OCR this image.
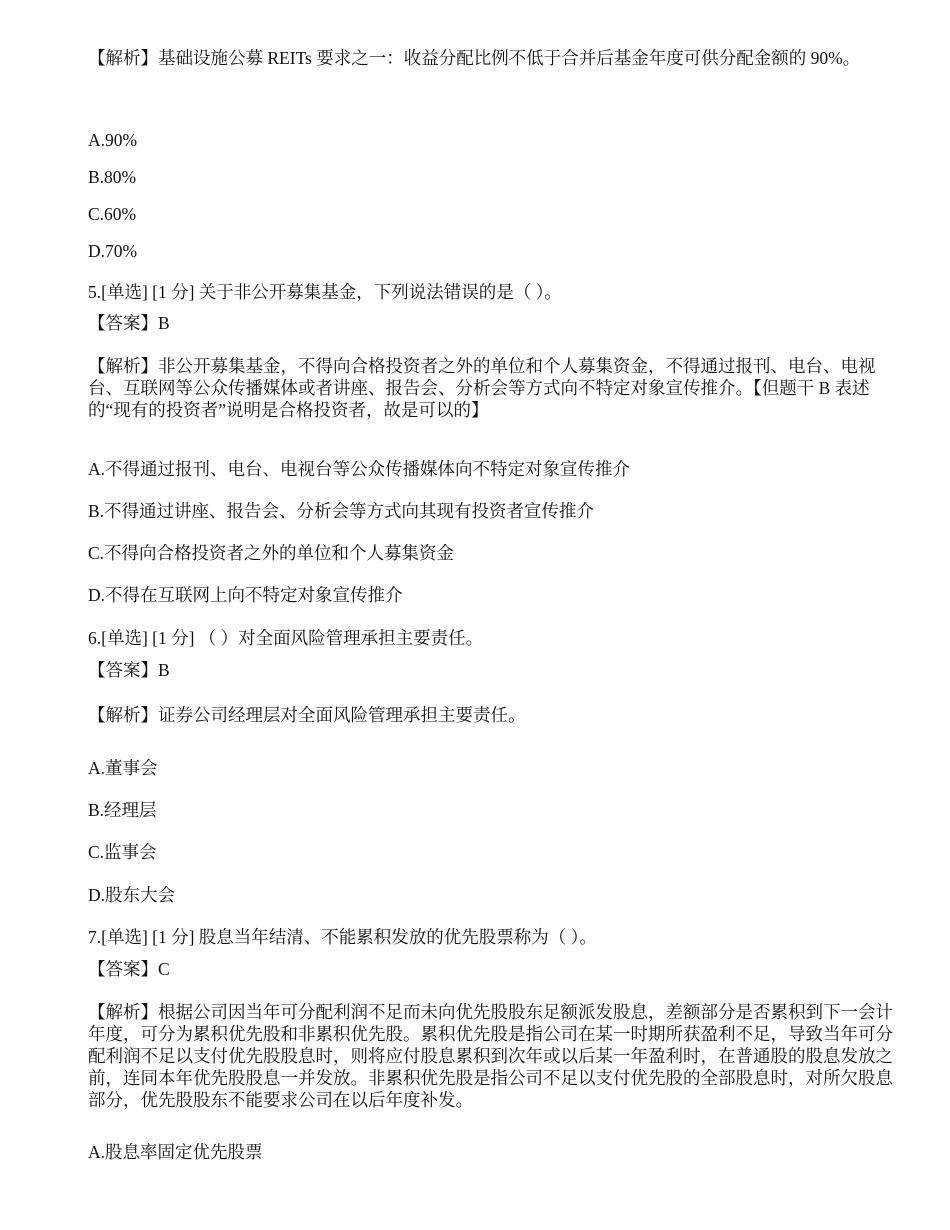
【解析】基础设施公募 REITs 要求之一：收益分配比例不低于合并后基金年度可供分配金额的 90%。

A.90%

B.80%

C.60%

D.70%

5.[单选] [1 分] 关于非公开募集基金，下列说法错误的是（ ）。

【答案】B

【解析】非公开募集基金，不得向合格投资者之外的单位和个人募集资金，不得通过报刊、电台、电视台、互联网等公众传播媒体或者讲座、报告会、分析会等方式向不特定对象宣传推介。【但题干 B 表述的“现有的投资者”说明是合格投资者，故是可以的】

A.不得通过报刊、电台、电视台等公众传播媒体向不特定对象宣传推介

B.不得通过讲座、报告会、分析会等方式向其现有投资者宣传推介

C.不得向合格投资者之外的单位和个人募集资金

D.不得在互联网上向不特定对象宣传推介

6.[单选] [1 分] （ ）对全面风险管理承担主要责任。

【答案】B

【解析】证券公司经理层对全面风险管理承担主要责任。

A.董事会

B.经理层

C.监事会

D.股东大会

7.[单选] [1 分] 股息当年结清、不能累积发放的优先股票称为（ ）。

【答案】C

【解析】根据公司因当年可分配利润不足而未向优先股股东足额派发股息，差额部分是否累积到下一会计年度，可分为累积优先股和非累积优先股。累积优先股是指公司在某一时期所获盈利不足，导致当年可分配利润不足以支付优先股股息时，则将应付股息累积到次年或以后某一年盈利时，在普通股的股息发放之前，连同本年优先股股息一并发放。非累积优先股是指公司不足以支付优先股的全部股息时，对所欠股息部分，优先股股东不能要求公司在以后年度补发。

A.股息率固定优先股票
